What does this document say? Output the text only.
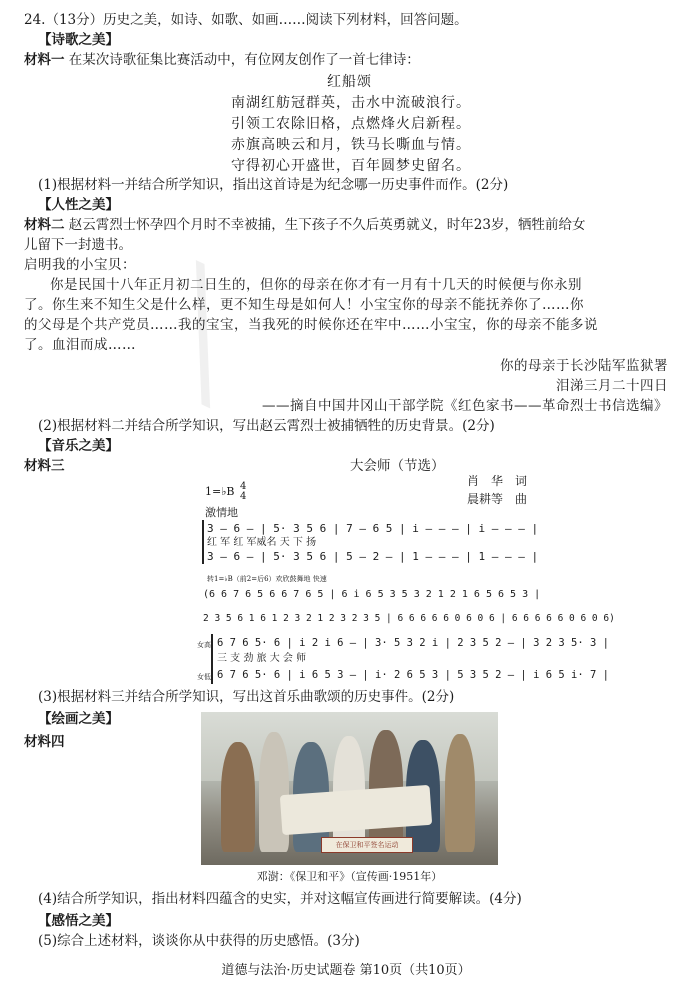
╲
24.（13分）历史之美，如诗、如歌、如画……阅读下列材料，回答问题。
【诗歌之美】
材料一 在某次诗歌征集比赛活动中，有位网友创作了一首七律诗：
红船颂
南湖红舫冠群英，击水中流破浪行。
引领工农除旧格，点燃烽火启新程。
赤旗高映云和月，铁马长嘶血与情。
守得初心开盛世，百年圆梦史留名。
(1)根据材料一并结合所学知识，指出这首诗是为纪念哪一历史事件而作。(2分)
【人性之美】
材料二 赵云霄烈士怀孕四个月时不幸被捕，生下孩子不久后英勇就义，时年23岁，牺牲前给女
儿留下一封遗书。
启明我的小宝贝：
你是民国十八年正月初二日生的，但你的母亲在你才有一月有十几天的时候便与你永别
了。你生来不知生父是什么样，更不知生母是如何人！小宝宝你的母亲不能抚养你了……你
的父母是个共产党员……我的宝宝，当我死的时候你还在牢中……小宝宝，你的母亲不能多说
了。血泪而成……
你的母亲于长沙陆军监狱署
泪涕三月二十四日
——摘自中国井冈山干部学院《红色家书——革命烈士书信选编》
(2)根据材料二并结合所学知识，写出赵云霄烈士被捕牺牲的历史背景。(2分)
【音乐之美】
材料三	大会师（节选）
肖　华　词
晨耕等　曲
1=♭B 4
4
激情地
3 – 6 – | 5· 3 5 6 | 7 – 6 5 | i – – – | i – – – |
红 军 红 军威名 天 下 扬
3 – 6 – | 5· 3 5 6 | 5 – 2 – | 1 – – – | 1 – – – |
转1=♭B（前2=后6）欢欣鼓舞地 快速
(6 6 7 6 5 6 6 7 6 5 | 6 i 6 5 3 5 3 2 1 2 1 6 5 6 5 3 |
2 3 5 6 1 6 1 2 3 2 1 2 3 2 3 5 | 6 6 6 6 6 0 6 0 6 | 6 6 6 6 6 0 6 0 6)
女高
女低
6 7 6 5· 6 | i 2 i 6 – | 3· 5 3 2 i | 2 3 5 2 – | 3 2 3 5· 3 |
三 支 劲 旅 大 会 师
6 7 6 5· 6 | i 6 5 3 – | i· 2 6 5 3 | 5 3 5 2 – | i 6 5 i· 7 |
(3)根据材料三并结合所学知识，写出这首乐曲歌颂的历史事件。(2分)
【绘画之美】
材料四
在保卫和平签名运动
邓澍：《保卫和平》（宣传画·1951年）
(4)结合所学知识，指出材料四蕴含的史实，并对这幅宣传画进行简要解读。(4分)
【感悟之美】
(5)综合上述材料，谈谈你从中获得的历史感悟。(3分)
道德与法治·历史试题卷 第10页（共10页）
